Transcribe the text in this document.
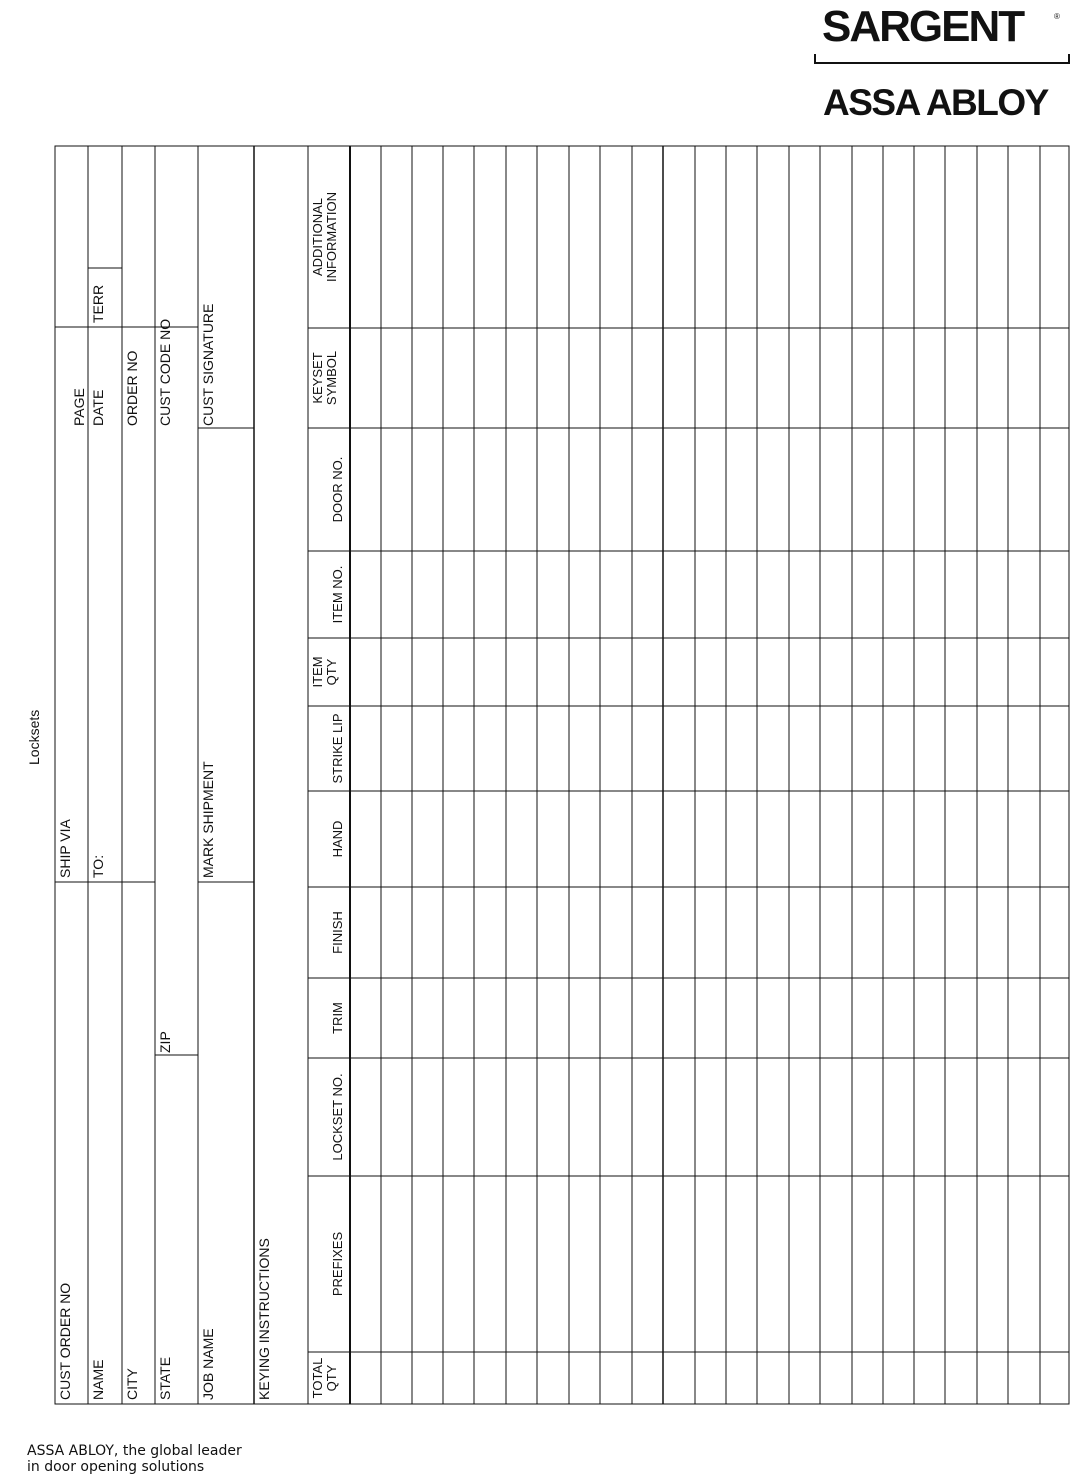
SARGENT	®
ASSA ABLOY
CUST ORDER NO
SHIP VIA
PAGE
NAME
TO:
DATE
TERR
CITY
ORDER NO
STATE
ZIP
CUST CODE NO
JOB NAME
MARK SHIPMENT
CUST SIGNATURE
KEYING INSTRUCTIONS
Locksets
TOTAL QTY
PREFIXES
LOCKSET NO.
TRIM
FINISH
HAND
STRIKE LIP
ITEM QTY
ITEM NO.
DOOR NO.
KEYSET SYMBOL
ADDITIONAL INFORMATION
ASSA ABLOY, the global leader
in door opening solutions
